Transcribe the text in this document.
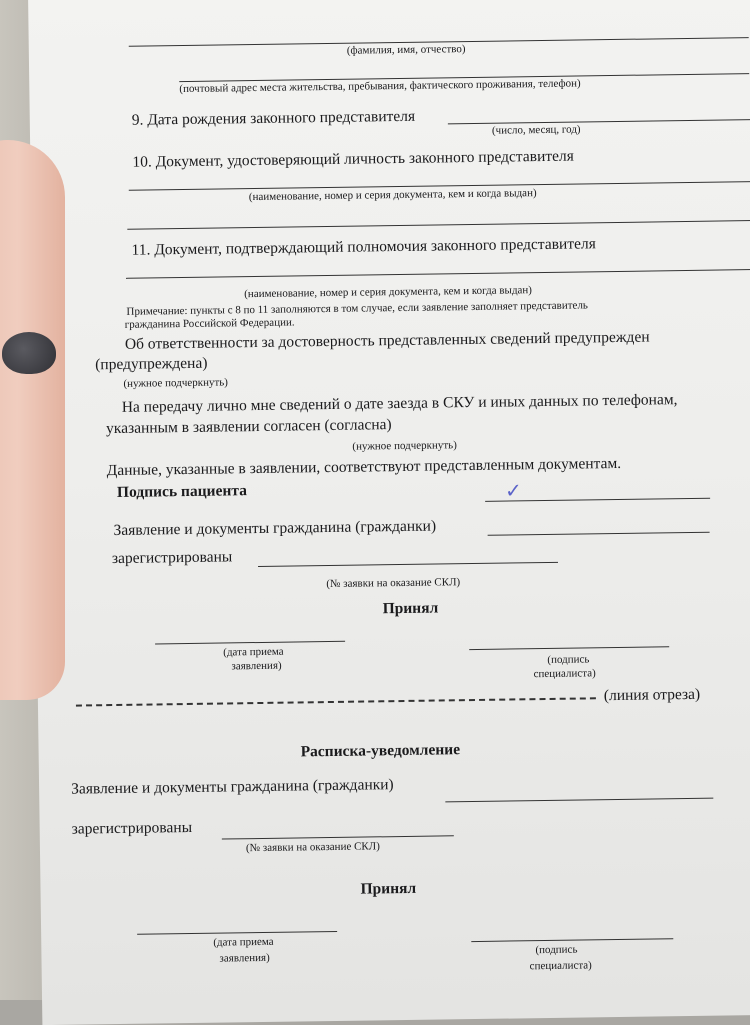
(фамилия, имя, отчество)
(почтовый адрес места жительства, пребывания, фактического проживания, телефон)
9. Дата рождения законного представителя
(число, месяц, год)
10. Документ, удостоверяющий личность законного представителя
(наименование, номер и серия документа, кем и когда выдан)
11. Документ, подтверждающий полномочия законного представителя
(наименование, номер и серия документа, кем и когда выдан)
Примечание: пункты с 8 по 11 заполняются в том случае, если заявление заполняет представитель
гражданина Российской Федерации.
Об ответственности за достоверность представленных сведений предупрежден
(предупреждена)
(нужное подчеркнуть)
На передачу лично мне сведений о дате заезда в СКУ и иных данных по телефонам,
указанным в заявлении согласен (согласна)
(нужное подчеркнуть)
Данные, указанные в заявлении, соответствуют представленным документам.
Подпись пациента	✓
Заявление и документы гражданина (гражданки)
зарегистрированы
(№ заявки на оказание СКЛ)
Принял
(дата приема
заявления)
(подпись
специалиста)
(линия отреза)
Расписка-уведомление
Заявление и документы гражданина (гражданки)
зарегистрированы
(№ заявки на оказание СКЛ)
Принял
(дата приема
заявления)
(подпись
специалиста)
